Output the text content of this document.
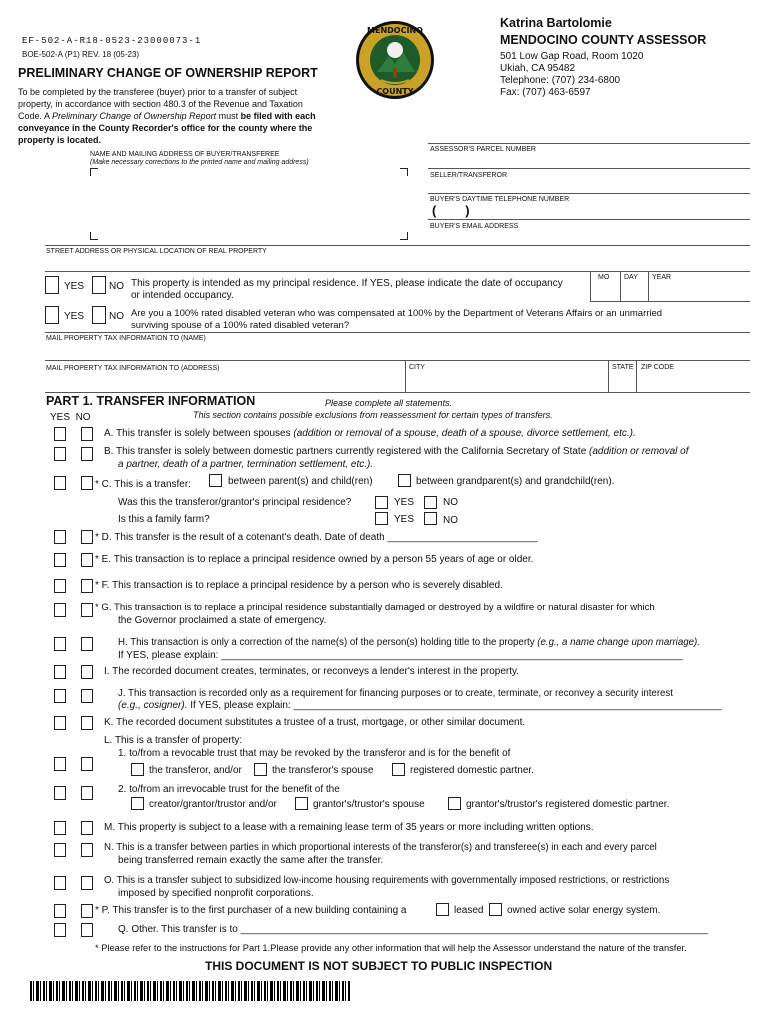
EF-502-A-R18-0523-23000073-1
BOE-502-A (P1) REV. 18 (05-23)
PRELIMINARY CHANGE OF OWNERSHIP REPORT
To be completed by the transferee (buyer) prior to a transfer of subject
property, in accordance with section 480.3 of the Revenue and Taxation
Code. A Preliminary Change of Ownership Report must be filed with each
conveyance in the County Recorder's office for the county where the
property is located.
MENDOCINO
COUNTY
Katrina Bartolomie
MENDOCINO COUNTY ASSESSOR
501 Low Gap Road, Room 1020
Ukiah, CA 95482
Telephone: (707) 234-6800
Fax: (707) 463-6597
NAME AND MAILING ADDRESS OF BUYER/TRANSFEREE
(Make necessary corrections to the printed name and mailing address)
ASSESSOR'S PARCEL NUMBER
SELLER/TRANSFEROR
BUYER'S DAYTIME TELEPHONE NUMBER
(        )
BUYER'S EMAIL ADDRESS
STREET ADDRESS OR PHYSICAL LOCATION OF REAL PROPERTY
YES NO This property is intended as my principal residence. If YES, please indicate the date of occupancy
or intended occupancy.
MO DAY YEAR
YES NO Are you a 100% rated disabled veteran who was compensated at 100% by the Department of Veterans Affairs or an unmarried
surviving spouse of a 100% rated disabled veteran?
MAIL PROPERTY TAX INFORMATION TO (NAME)
MAIL PROPERTY TAX INFORMATION TO (ADDRESS)	CITY	STATE ZIP CODE
PART 1. TRANSFER INFORMATION	Please complete all statements.
This section contains possible exclusions from reassessment for certain types of transfers.
YES  NO
A. This transfer is solely between spouses (addition or removal of a spouse, death of a spouse, divorce settlement, etc.).
B. This transfer is solely between domestic partners currently registered with the California Secretary of State (addition or removal of
a partner, death of a partner, termination settlement, etc.).
* C. This is a transfer:	between parent(s) and child(ren)	between grandparent(s) and grandchild(ren).
Was this the transferor/grantor's principal residence?	YES	NO
Is this a family farm?	YES	NO
* D. This transfer is the result of a cotenant's death. Date of death ___________________________
* E. This transaction is to replace a principal residence owned by a person 55 years of age or older.
* F. This transaction is to replace a principal residence by a person who is severely disabled.
* G. This transaction is to replace a principal residence substantially damaged or destroyed by a wildfire or natural disaster for which
the Governor proclaimed a state of emergency.
H. This transaction is only a correction of the name(s) of the person(s) holding title to the property (e.g., a name change upon marriage).
If YES, please explain: ___________________________________________________________________________________
I. The recorded document creates, terminates, or reconveys a lender's interest in the property.
J. This transaction is recorded only as a requirement for financing purposes or to create, terminate, or reconvey a security interest
(e.g., cosigner). If YES, please explain: _____________________________________________________________________________
K. The recorded document substitutes a trustee of a trust, mortgage, or other similar document.
L. This is a transfer of property:
1. to/from a revocable trust that may be revoked by the transferor and is for the benefit of
the transferor, and/or	the transferor's spouse	registered domestic partner.
2. to/from an irrevocable trust for the benefit of the
creator/grantor/trustor and/or	grantor's/trustor's spouse	grantor's/trustor's registered domestic partner.
M. This property is subject to a lease with a remaining lease term of 35 years or more including written options.
N. This is a transfer between parties in which proportional interests of the transferor(s) and transferee(s) in each and every parcel
being transferred remain exactly the same after the transfer.
O. This is a transfer subject to subsidized low-income housing requirements with governmentally imposed restrictions, or restrictions
imposed by specified nonprofit corporations.
* P. This transfer is to the first purchaser of a new building containing a	leased owned active solar energy system.
Q. Other. This transfer is to ____________________________________________________________________________________
* Please refer to the instructions for Part 1.Please provide any other information that will help the Assessor understand the nature of the transfer.
THIS DOCUMENT IS NOT SUBJECT TO PUBLIC INSPECTION
